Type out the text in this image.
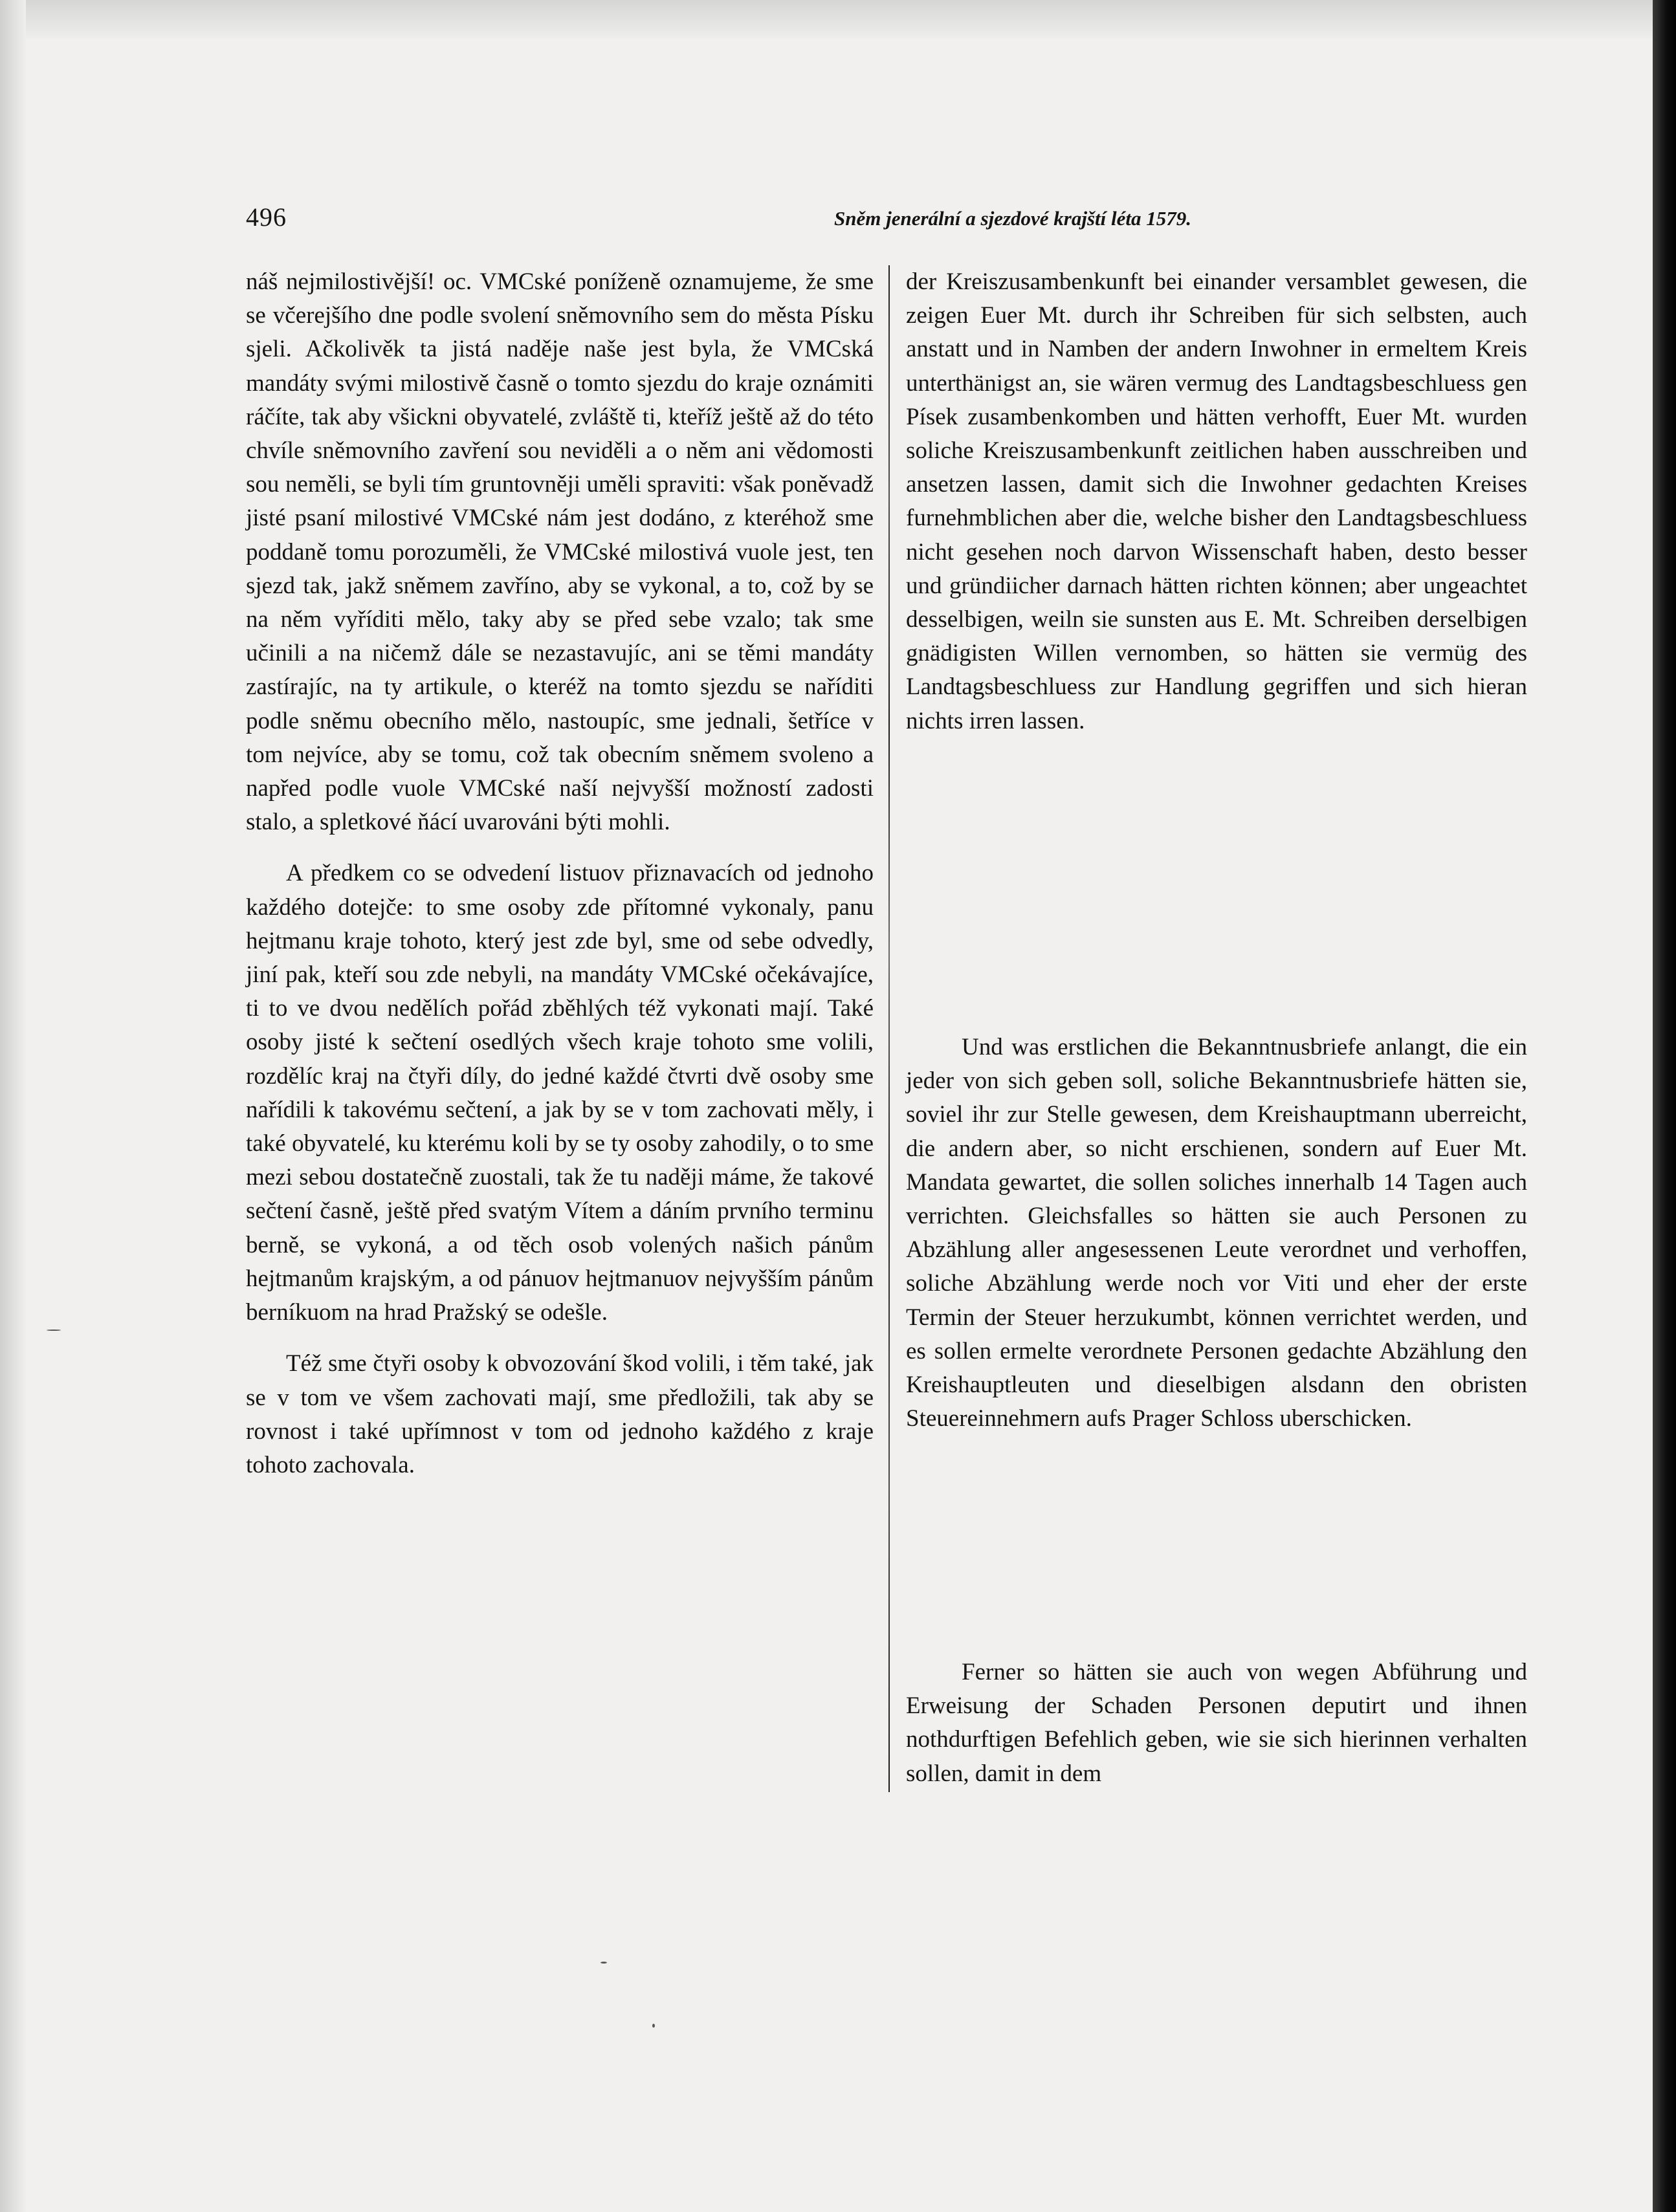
496	Sněm jenerální a sjezdové krajští léta 1579.

náš nejmilostivější! oc. VMCské poníženě oznamujeme, že sme se včerejšího dne podle svolení sněmovního sem do města Písku sjeli. Ačkolivěk ta jistá naděje naše jest byla, že VMCská mandáty svými milostivě časně o tomto sjezdu do kraje oznámiti ráčíte, tak aby všickni obyvatelé, zvláště ti, kteříž ještě až do této chvíle sněmovního zavření sou neviděli a o něm ani vědomosti sou neměli, se byli tím gruntovněji uměli spraviti: však poněvadž jisté psaní milostivé VMCské nám jest dodáno, z kteréhož sme poddaně tomu porozuměli, že VMCské milostivá vuole jest, ten sjezd tak, jakž sněmem zavříno, aby se vykonal, a to, což by se na něm vyříditi mělo, taky aby se před sebe vzalo; tak sme učinili a na ničemž dále se nezastavujíc, ani se těmi mandáty zastírajíc, na ty artikule, o kteréž na tomto sjezdu se naříditi podle sněmu obecního mělo, nastoupíc, sme jednali, šetříce v tom nejvíce, aby se tomu, což tak obecním sněmem svoleno a napřed podle vuole VMCské naší nejvyšší možností zadosti stalo, a spletkové ňácí uvarováni býti mohli.

A předkem co se odvedení listuov přiznavacích od jednoho každého dotejče: to sme osoby zde přítomné vykonaly, panu hejtmanu kraje tohoto, který jest zde byl, sme od sebe odvedly, jiní pak, kteří sou zde nebyli, na mandáty VMCské očekávajíce, ti to ve dvou nedělích pořád zběhlých též vykonati mají. Také osoby jisté k sečtení osedlých všech kraje tohoto sme volili, rozdělíc kraj na čtyři díly, do jedné každé čtvrti dvě osoby sme nařídili k takovému sečtení, a jak by se v tom zachovati měly, i také obyvatelé, ku kterému koli by se ty osoby zahodily, o to sme mezi sebou dostatečně zuostali, tak že tu naději máme, že takové sečtení časně, ještě před svatým Vítem a dáním prvního terminu berně, se vykoná, a od těch osob volených našich pánům hejtmanům krajským, a od pánuov hejtmanuov nejvyšším pánům berníkuom na hrad Pražský se odešle.

Též sme čtyři osoby k obvozování škod volili, i těm také, jak se v tom ve všem zachovati mají, sme předložili, tak aby se rovnost i také upřímnost v tom od jednoho každého z kraje tohoto zachovala.

der Kreiszusambenkunft bei einander versamblet gewesen, die zeigen Euer Mt. durch ihr Schreiben für sich selbsten, auch anstatt und in Namben der andern Inwohner in ermeltem Kreis unterthänigst an, sie wären vermug des Landtagsbeschluess gen Písek zusambenkomben und hätten verhofft, Euer Mt. wurden soliche Kreiszusambenkunft zeitlichen haben ausschreiben und ansetzen lassen, damit sich die Inwohner gedachten Kreises furnehmblichen aber die, welche bisher den Landtagsbeschluess nicht gesehen noch darvon Wissenschaft haben, desto besser und gründiicher darnach hätten richten können; aber ungeachtet desselbigen, weiln sie sunsten aus E. Mt. Schreiben derselbigen gnädigisten Willen vernomben, so hätten sie vermüg des Landtagsbeschluess zur Handlung gegriffen und sich hieran nichts irren lassen.

Und was erstlichen die Bekanntnusbriefe anlangt, die ein jeder von sich geben soll, soliche Bekanntnusbriefe hätten sie, soviel ihr zur Stelle gewesen, dem Kreishauptmann uberreicht, die andern aber, so nicht erschienen, sondern auf Euer Mt. Mandata gewartet, die sollen soliches innerhalb 14 Tagen auch verrichten. Gleichsfalles so hätten sie auch Personen zu Abzählung aller angesessenen Leute verordnet und verhoffen, soliche Abzählung werde noch vor Viti und eher der erste Termin der Steuer herzukumbt, können verrichtet werden, und es sollen ermelte verordnete Personen gedachte Abzählung den Kreishauptleuten und dieselbigen alsdann den obristen Steuereinnehmern aufs Prager Schloss uberschicken.

Ferner so hätten sie auch von wegen Abführung und Erweisung der Schaden Personen deputirt und ihnen nothdurftigen Befehlich geben, wie sie sich hierinnen verhalten sollen, damit in dem
